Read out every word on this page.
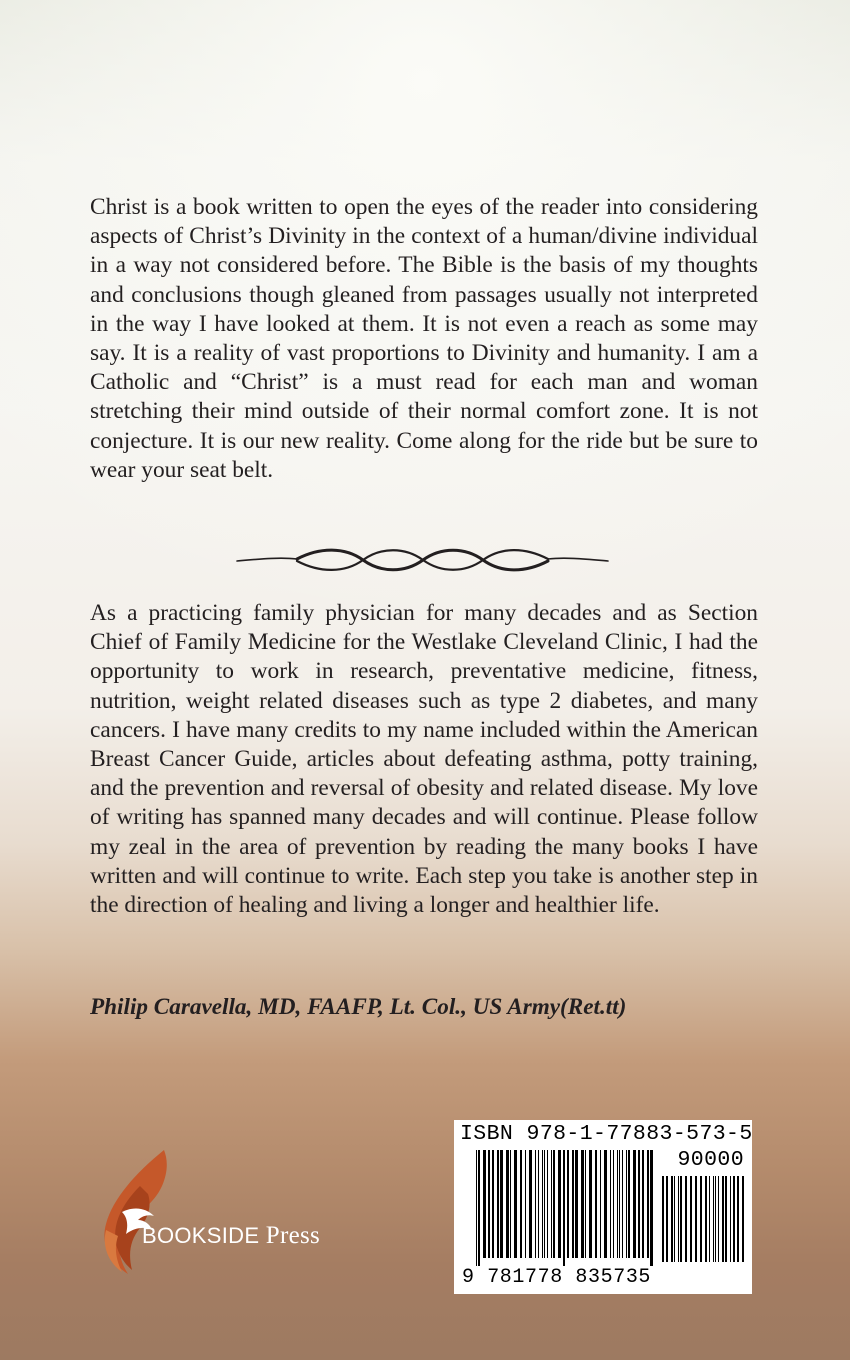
Christ is a book written to open the eyes of the reader into considering aspects of Christ’s Divinity in the context of a human/divine individual in a way not considered before. The Bible is the basis of my thoughts and conclusions though gleaned from passages usually not interpreted in the way I have looked at them. It is not even a reach as some may say. It is a reality of vast proportions to Divinity and humanity. I am a Catholic and “Christ” is a must read for each man and woman stretching their mind outside of their normal comfort zone. It is not conjecture. It is our new reality. Come along for the ride but be sure to wear your seat belt.

As a practicing family physician for many decades and as Section Chief of Family Medicine for the Westlake Cleveland Clinic, I had the opportunity to work in research, preventative medicine, fitness, nutrition, weight related diseases such as type 2 diabetes, and many cancers. I have many credits to my name included within the American Breast Cancer Guide, articles about defeating asthma, potty training, and the prevention and reversal of obesity and related disease. My love of writing has spanned many decades and will continue. Please follow my zeal in the area of prevention by reading the many books I have written and will continue to write. Each step you take is another step in the direction of healing and living a longer and healthier life.

Philip Caravella, MD, FAAFP, Lt. Col., US Army(Ret.tt)

BOOKSIDE Press
ISBN 978-1-77883-573-5
90000
9 781778 835735
